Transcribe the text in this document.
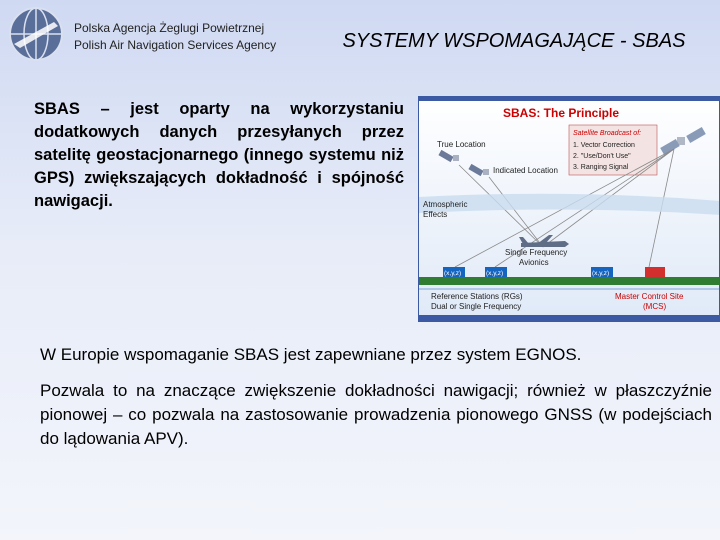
Polska Agencja Żeglugi Powietrznej
Polish Air Navigation Services Agency	SYSTEMY WSPOMAGAJĄCE - SBAS
SBAS – jest oparty na wykorzystaniu dodatkowych danych przesyłanych przez satelitę geostacjonarnego (innego systemu niż GPS) zwiększających dokładność i spójność nawigacji.
SBAS: The Principle
Satellite Broadcast of:
1. Vector Correction
2. "Use/Don't Use"
3. Ranging Signal
True Location
Indicated Location
Atmospheric
Effects
Single Frequency
Avionics
(x,y,z)	(x,y,z)	(x,y,z)
Reference Stations (RGs)
Dual or Single Frequency
Master Control Site
(MCS)
W Europie wspomaganie SBAS jest zapewniane przez system EGNOS.
Pozwala to na znaczące zwiększenie dokładności nawigacji; również w płaszczyźnie pionowej – co pozwala na zastosowanie prowadzenia pionowego GNSS (w podejściach do lądowania APV).
